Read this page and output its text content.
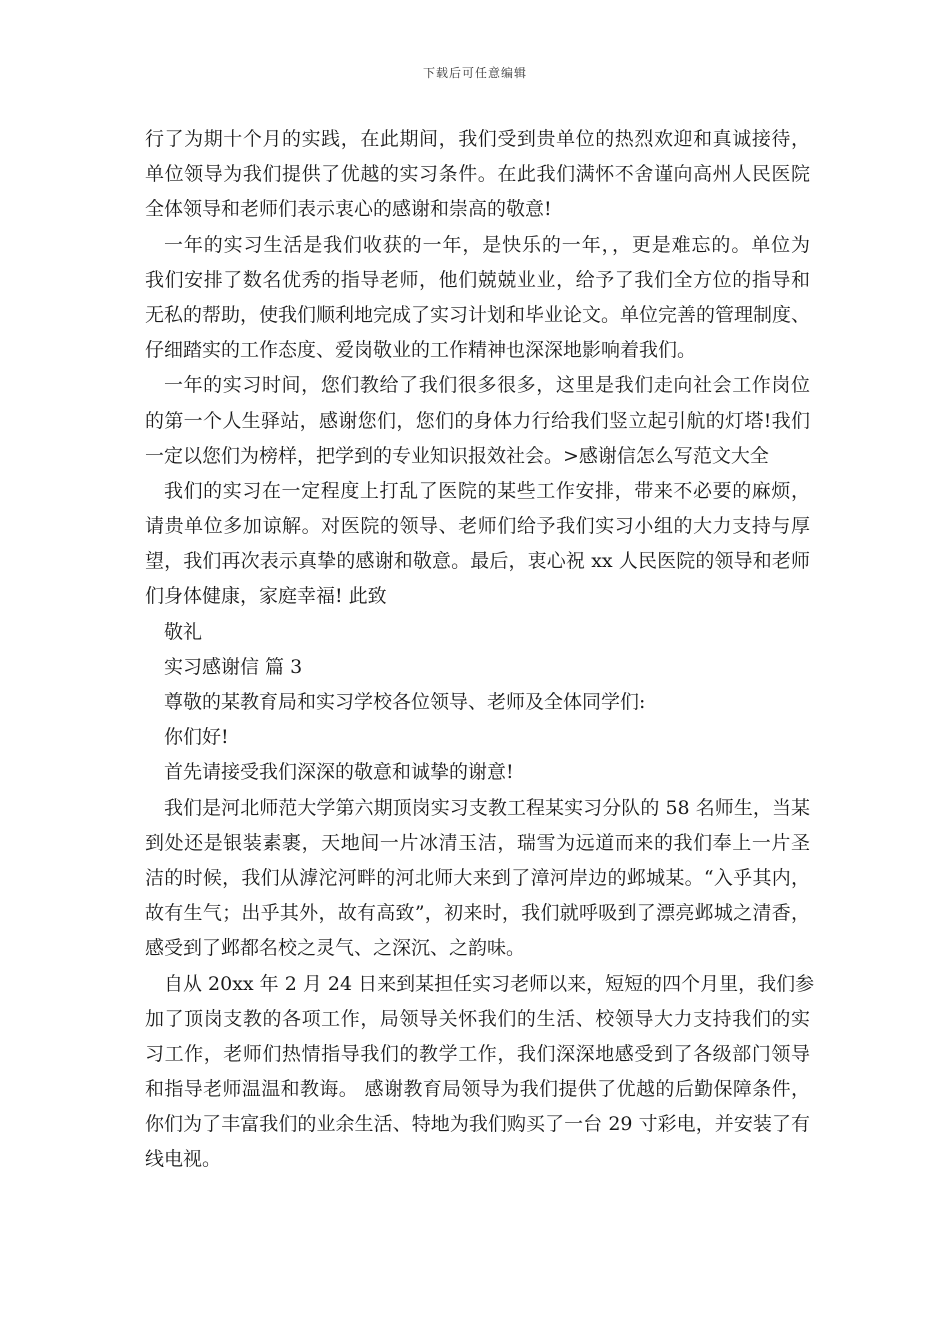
下载后可任意编辑
行了为期十个月的实践，在此期间，我们受到贵单位的热烈欢迎和真诚接待，
单位领导为我们提供了优越的实习条件。在此我们满怀不舍谨向高州人民医院
全体领导和老师们表示衷心的感谢和崇高的敬意!
一年的实习生活是我们收获的一年，是快乐的一年，，更是难忘的。单位为
我们安排了数名优秀的指导老师，他们兢兢业业，给予了我们全方位的指导和
无私的帮助，使我们顺利地完成了实习计划和毕业论文。单位完善的管理制度、
仔细踏实的工作态度、爱岗敬业的工作精神也深深地影响着我们。
一年的实习时间，您们教给了我们很多很多，这里是我们走向社会工作岗位
的第一个人生驿站，感谢您们，您们的身体力行给我们竖立起引航的灯塔!我们
一定以您们为榜样，把学到的专业知识报效社会。>感谢信怎么写范文大全
我们的实习在一定程度上打乱了医院的某些工作安排，带来不必要的麻烦，
请贵单位多加谅解。对医院的领导、老师们给予我们实习小组的大力支持与厚
望，我们再次表示真挚的感谢和敬意。最后，衷心祝 xx 人民医院的领导和老师
们身体健康，家庭幸福! 此致
敬礼
实习感谢信 篇 3
尊敬的某教育局和实习学校各位领导、老师及全体同学们:
你们好!
首先请接受我们深深的敬意和诚挚的谢意!
我们是河北师范大学第六期顶岗实习支教工程某实习分队的 58 名师生，当某
到处还是银装素裹，天地间一片冰清玉洁，瑞雪为远道而来的我们奉上一片圣
洁的时候，我们从滹沱河畔的河北师大来到了漳河岸边的邺城某。“入乎其内，
故有生气；出乎其外，故有高致”，初来时，我们就呼吸到了漂亮邺城之清香，
感受到了邺都名校之灵气、之深沉、之韵味。
自从 20xx 年 2 月 24 日来到某担任实习老师以来，短短的四个月里，我们参
加了顶岗支教的各项工作，局领导关怀我们的生活、校领导大力支持我们的实
习工作，老师们热情指导我们的教学工作，我们深深地感受到了各级部门领导
和指导老师温温和教诲。 感谢教育局领导为我们提供了优越的后勤保障条件，
你们为了丰富我们的业余生活、特地为我们购买了一台 29 寸彩电，并安装了有
线电视。
